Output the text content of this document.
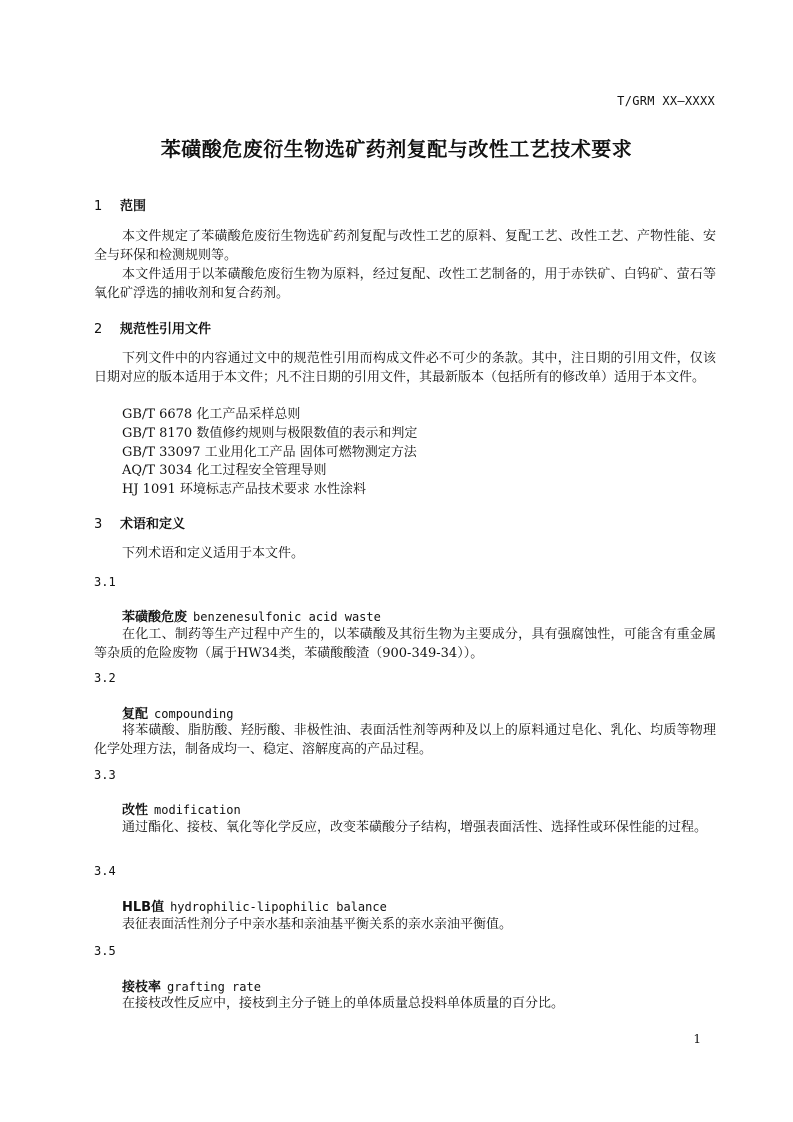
T/GRM XX—XXXX
苯磺酸危废衍生物选矿药剂复配与改性工艺技术要求
1 范围
本文件规定了苯磺酸危废衍生物选矿药剂复配与改性工艺的原料、复配工艺、改性工艺、产物性能、安全与环保和检测规则等。
本文件适用于以苯磺酸危废衍生物为原料，经过复配、改性工艺制备的，用于赤铁矿、白钨矿、萤石等氧化矿浮选的捕收剂和复合药剂。
2 规范性引用文件
下列文件中的内容通过文中的规范性引用而构成文件必不可少的条款。其中，注日期的引用文件，仅该日期对应的版本适用于本文件；凡不注日期的引用文件，其最新版本（包括所有的修改单）适用于本文件。
GB/T 6678 化工产品采样总则
GB/T 8170 数值修约规则与极限数值的表示和判定
GB/T 33097 工业用化工产品 固体可燃物测定方法
AQ/T 3034 化工过程安全管理导则
HJ 1091 环境标志产品技术要求 水性涂料
3 术语和定义
下列术语和定义适用于本文件。
3.1
苯磺酸危废 benzenesulfonic acid waste
在化工、制药等生产过程中产生的，以苯磺酸及其衍生物为主要成分，具有强腐蚀性，可能含有重金属等杂质的危险废物（属于HW34类，苯磺酸酸渣（900-349-34））。
3.2
复配 compounding
将苯磺酸、脂肪酸、羟肟酸、非极性油、表面活性剂等两种及以上的原料通过皂化、乳化、均质等物理化学处理方法，制备成均一、稳定、溶解度高的产品过程。
3.3
改性 modification
通过酯化、接枝、氧化等化学反应，改变苯磺酸分子结构，增强表面活性、选择性或环保性能的过程。
3.4
HLB值 hydrophilic-lipophilic balance
表征表面活性剂分子中亲水基和亲油基平衡关系的亲水亲油平衡值。
3.5
接枝率 grafting rate
在接枝改性反应中，接枝到主分子链上的单体质量总投料单体质量的百分比。
1
